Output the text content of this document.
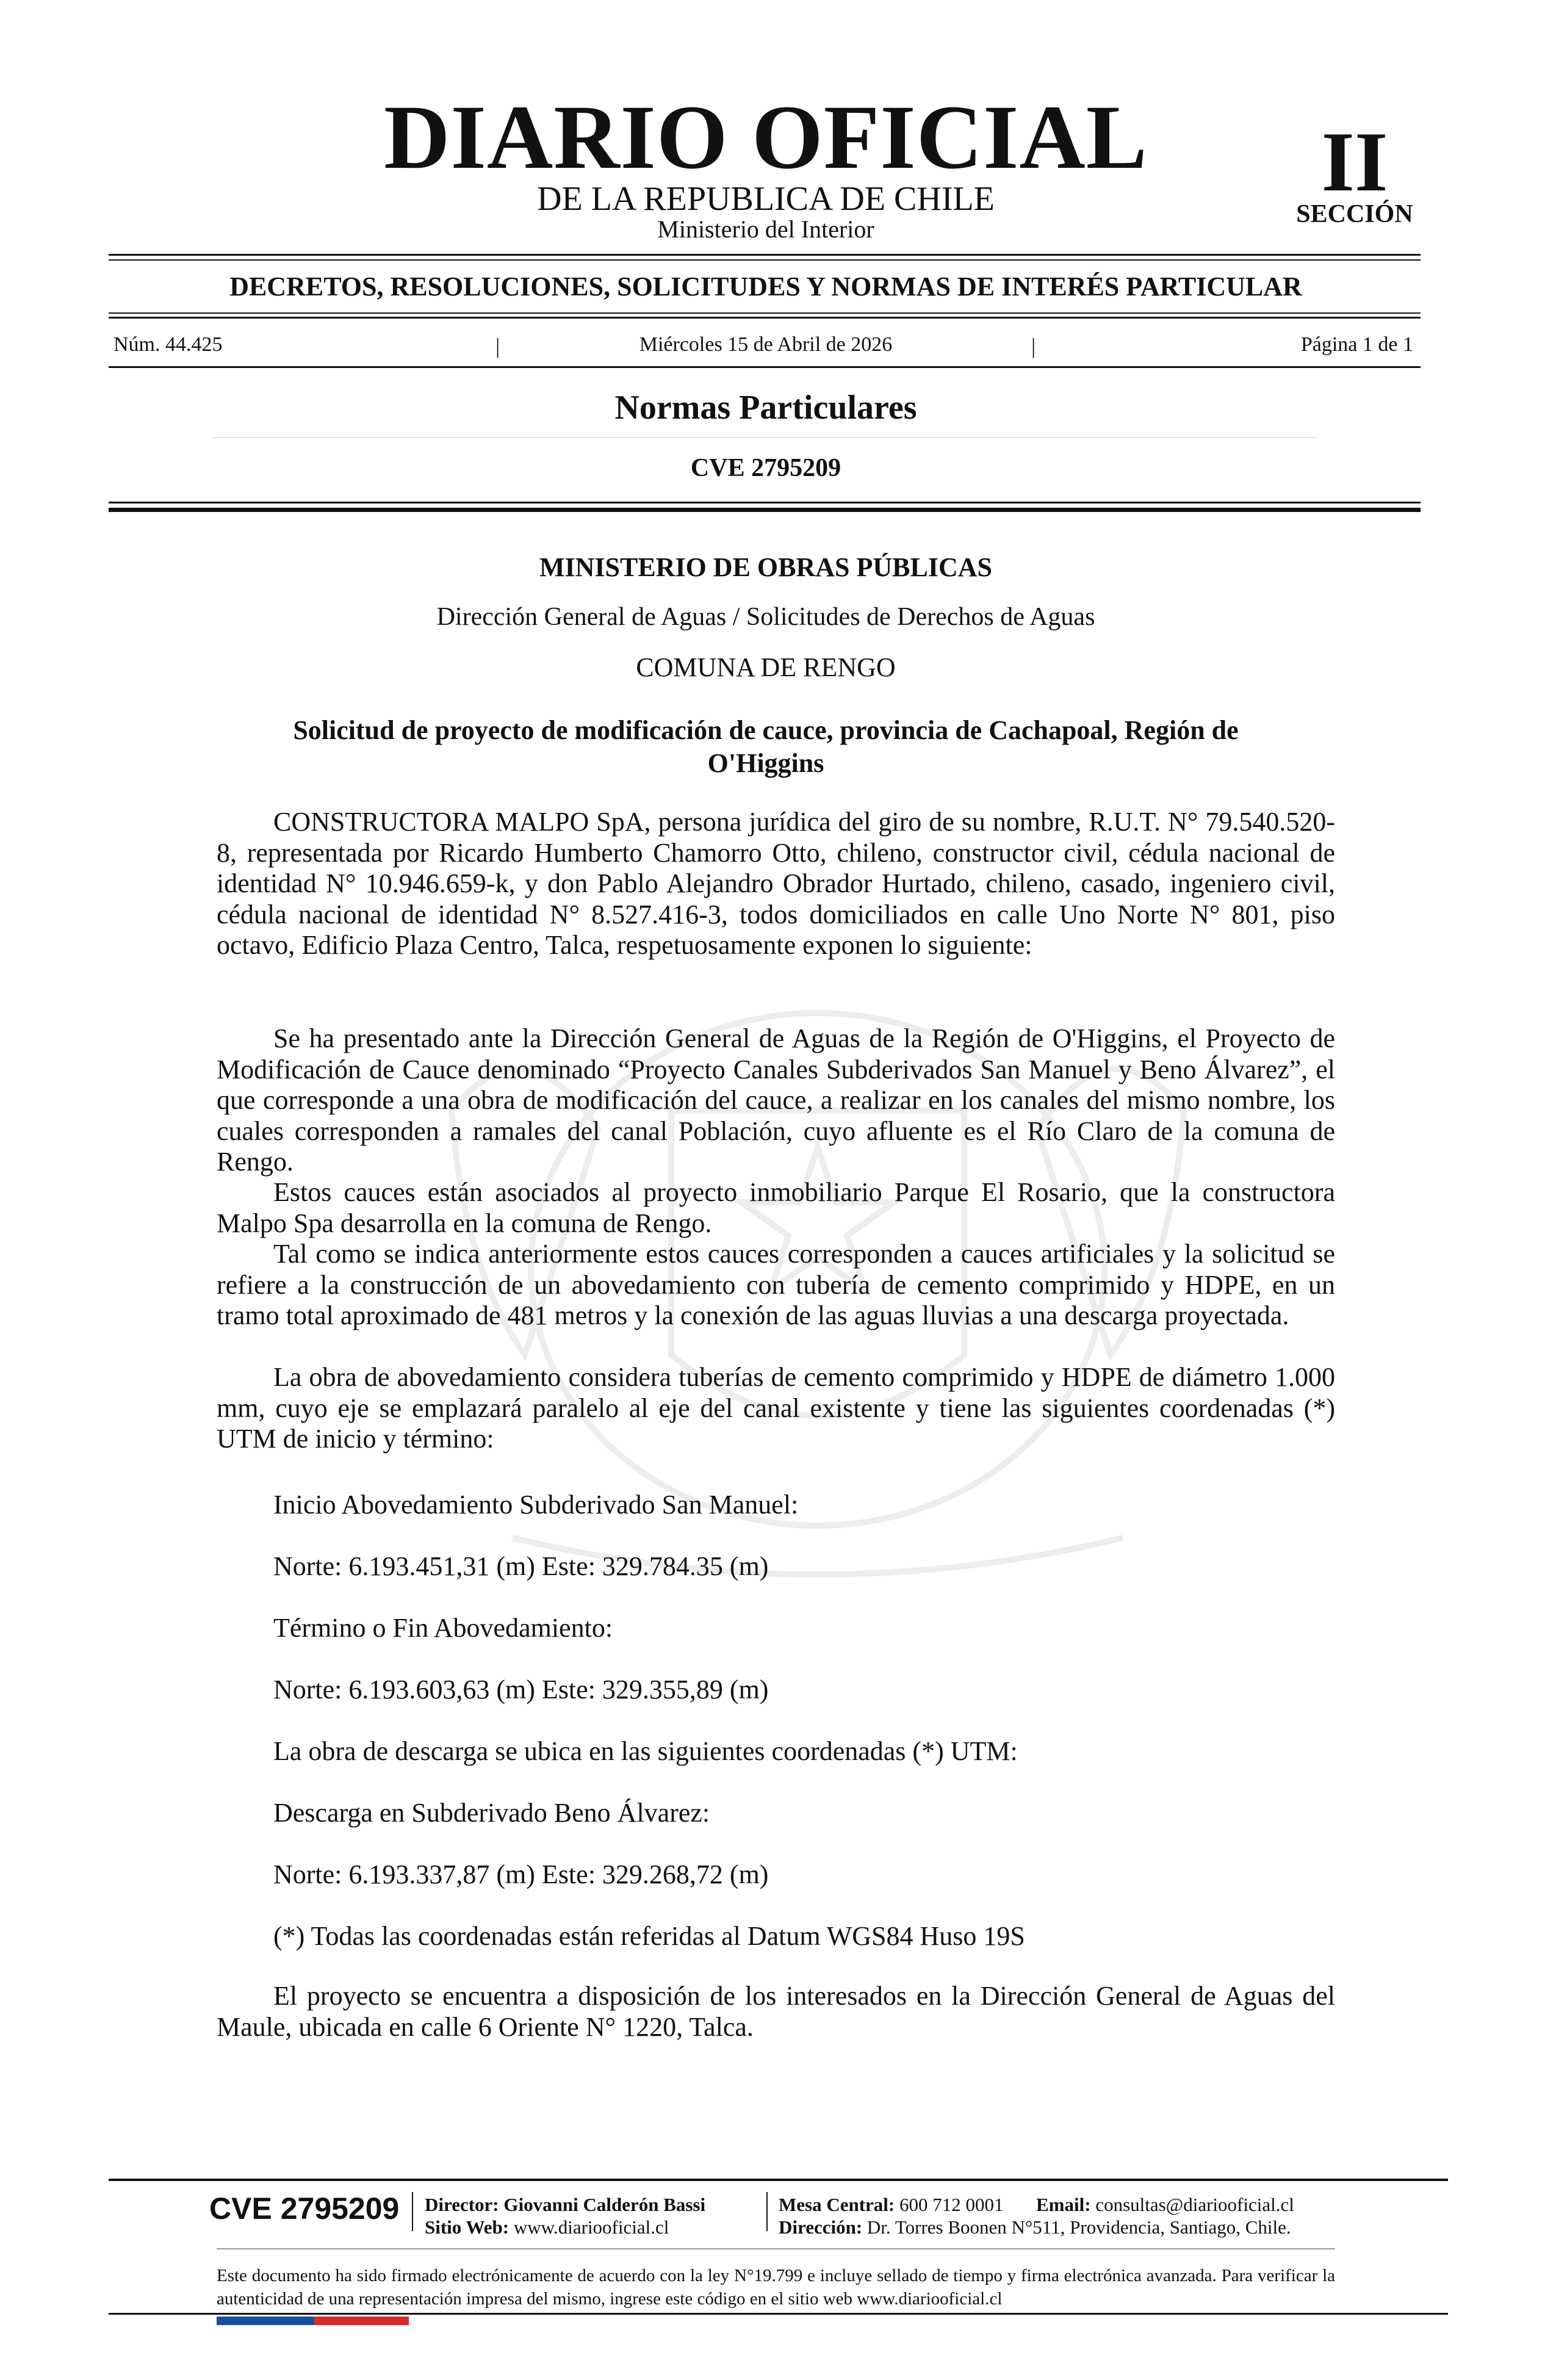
DIARIO OFICIAL
DE LA REPUBLICA DE CHILE
Ministerio del Interior
II
SECCIÓN
DECRETOS, RESOLUCIONES, SOLICITUDES Y NORMAS DE INTERÉS PARTICULAR
Núm. 44.425	|	Miércoles 15 de Abril de 2026	|	Página 1 de 1
Normas Particulares
CVE 2795209
MINISTERIO DE OBRAS PÚBLICAS
Dirección General de Aguas / Solicitudes de Derechos de Aguas
COMUNA DE RENGO
Solicitud de proyecto de modificación de cauce, provincia de Cachapoal, Región de O'Higgins

CONSTRUCTORA MALPO SpA, persona jurídica del giro de su nombre, R.U.T. N° 79.540.520-8, representada por Ricardo Humberto Chamorro Otto, chileno, constructor civil, cédula nacional de identidad N° 10.946.659-k, y don Pablo Alejandro Obrador Hurtado, chileno, casado, ingeniero civil, cédula nacional de identidad N° 8.527.416-3, todos domiciliados en calle Uno Norte N° 801, piso octavo, Edificio Plaza Centro, Talca, respetuosamente exponen lo siguiente:

Se ha presentado ante la Dirección General de Aguas de la Región de O'Higgins, el Proyecto de Modificación de Cauce denominado “Proyecto Canales Subderivados San Manuel y Beno Álvarez”, el que corresponde a una obra de modificación del cauce, a realizar en los canales del mismo nombre, los cuales corresponden a ramales del canal Población, cuyo afluente es el Río Claro de la comuna de Rengo.

Estos cauces están asociados al proyecto inmobiliario Parque El Rosario, que la constructora Malpo Spa desarrolla en la comuna de Rengo.

Tal como se indica anteriormente estos cauces corresponden a cauces artificiales y la solicitud se refiere a la construcción de un abovedamiento con tubería de cemento comprimido y HDPE, en un tramo total aproximado de 481 metros y la conexión de las aguas lluvias a una descarga proyectada.

La obra de abovedamiento considera tuberías de cemento comprimido y HDPE de diámetro 1.000 mm, cuyo eje se emplazará paralelo al eje del canal existente y tiene las siguientes coordenadas (*) UTM de inicio y término:

Inicio Abovedamiento Subderivado San Manuel:
Norte: 6.193.451,31 (m) Este: 329.784.35 (m)
Término o Fin Abovedamiento:
Norte: 6.193.603,63 (m) Este: 329.355,89 (m)
La obra de descarga se ubica en las siguientes coordenadas (*) UTM:
Descarga en Subderivado Beno Álvarez:
Norte: 6.193.337,87 (m) Este: 329.268,72 (m)
(*) Todas las coordenadas están referidas al Datum WGS84 Huso 19S

El proyecto se encuentra a disposición de los interesados en la Dirección General de Aguas del Maule, ubicada en calle 6 Oriente N° 1220, Talca.

CVE 2795209 Director: Giovanni Calderón Bassi
Sitio Web: www.diariooficial.cl
Mesa Central: 600 712 0001 Email: consultas@diariooficial.cl
Dirección: Dr. Torres Boonen N°511, Providencia, Santiago, Chile.
Este documento ha sido firmado electrónicamente de acuerdo con la ley N°19.799 e incluye sellado de tiempo y firma electrónica avanzada. Para verificar la autenticidad de una representación impresa del mismo, ingrese este código en el sitio web www.diariooficial.cl
